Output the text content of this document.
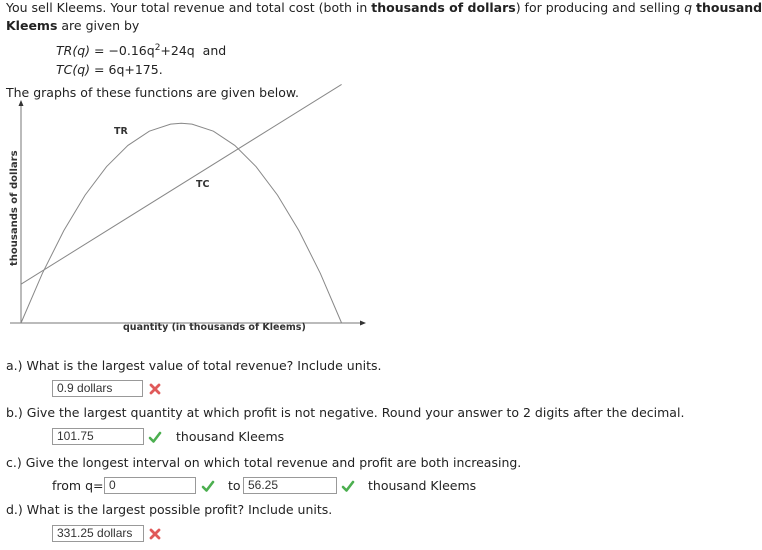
You sell Kleems. Your total revenue and total cost (both in thousands of dollars) for producing and selling q thousand
Kleems are given by
$TR(q) = -0.16q^2+24q$  and
TC(q) = 6q+175.
The graphs of these functions are given below.
thousands of dollars
quantity (in thousands of Kleems)
TR
TC
a.) What is the largest value of total revenue? Include units.
0.9 dollars
b.) Give the largest quantity at which profit is not negative. Round your answer to 2 digits after the decimal.
101.75	thousand Kleems
c.) Give the longest interval on which total revenue and profit are both increasing.
from q= 0	to 56.25	thousand Kleems
d.) What is the largest possible profit? Include units.
331.25 dollars
